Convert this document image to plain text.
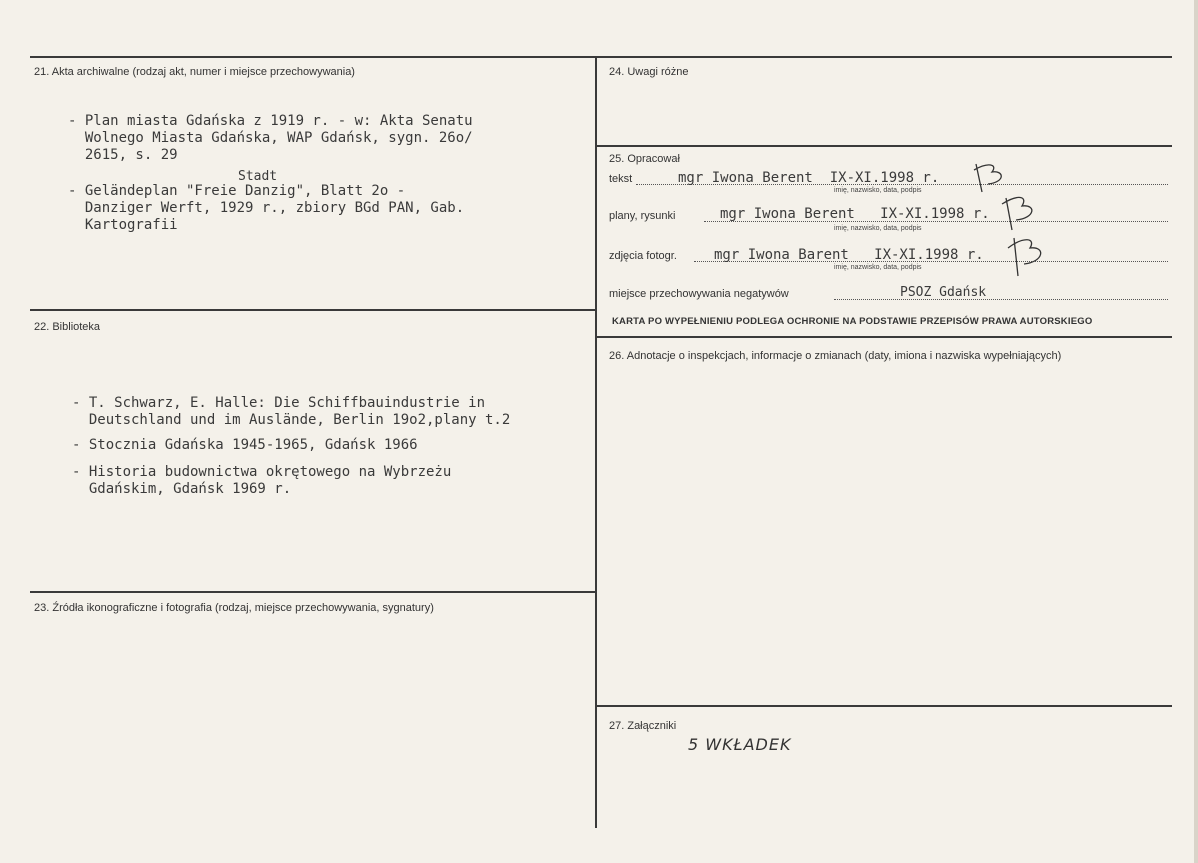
21. Akta archiwalne (rodzaj akt, numer i miejsce przechowywania)
- Plan miasta Gdańska z 1919 r. - w: Akta Senatu
Wolnego Miasta Gdańska, WAP Gdańsk, sygn. 26o/
2615, s. 29
Stadt
- Geländeplan "Freie Danzig", Blatt 2o -
Danziger Werft, 1929 r., zbiory BGd PAN, Gab.
Kartografii
22. Biblioteka
- T. Schwarz, E. Halle: Die Schiffbauindustrie in
Deutschland und im Auslände, Berlin 19o2,plany t.2
- Stocznia Gdańska 1945-1965, Gdańsk 1966
- Historia budownictwa okrętowego na Wybrzeżu
Gdańskim, Gdańsk 1969 r.
23. Źródła ikonograficzne i fotografia (rodzaj, miejsce przechowywania, sygnatury)
24. Uwagi różne
25. Opracował
tekst	mgr Iwona Berent  IX-XI.1998 r.
imię, nazwisko, data, podpis
plany, rysunki	mgr Iwona Berent   IX-XI.1998 r.
imię, nazwisko, data, podpis
zdjęcia fotogr.	mgr Iwona Barent   IX-XI.1998 r.
imię, nazwisko, data, podpis
miejsce przechowywania negatywów	PSOZ Gdańsk
KARTA PO WYPEŁNIENIU PODLEGA OCHRONIE NA PODSTAWIE PRZEPISÓW PRAWA AUTORSKIEGO
26. Adnotacje o inspekcjach, informacje o zmianach (daty, imiona i nazwiska wypełniających)
27. Załączniki
5 WKŁADEK
